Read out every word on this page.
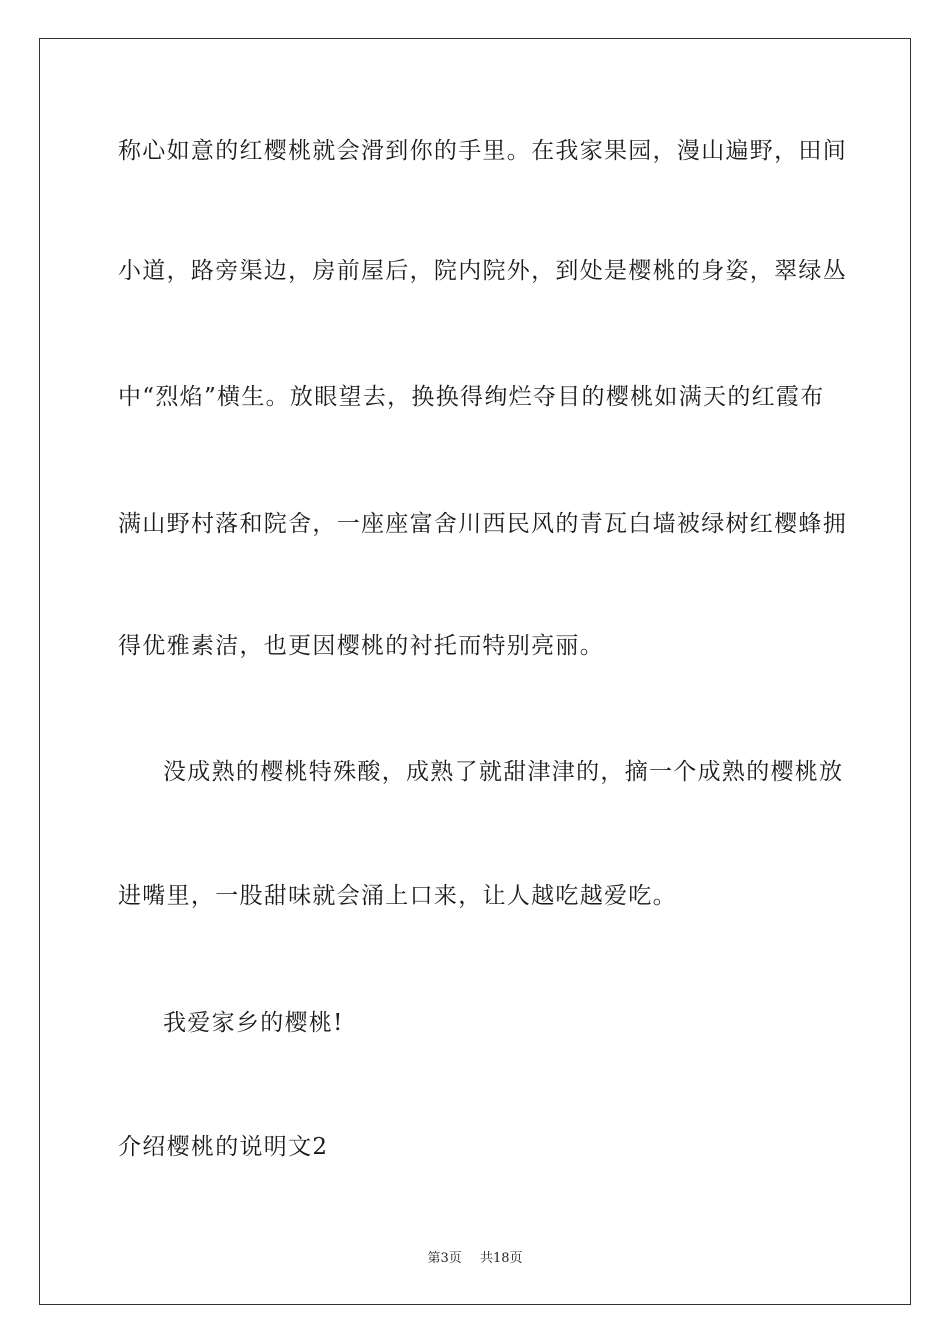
称心如意的红樱桃就会滑到你的手里。在我家果园，漫山遍野，田间
小道，路旁渠边，房前屋后，院内院外，到处是樱桃的身姿，翠绿丛
中“烈焰”横生。放眼望去，换换得绚烂夺目的樱桃如满天的红霞布
满山野村落和院舍，一座座富舍川西民风的青瓦白墙被绿树红樱蜂拥
得优雅素洁，也更因樱桃的衬托而特别亮丽。
没成熟的樱桃特殊酸，成熟了就甜津津的，摘一个成熟的樱桃放
进嘴里，一股甜味就会涌上口来，让人越吃越爱吃。
我爱家乡的樱桃!
介绍樱桃的说明文2
第3页 共18页
